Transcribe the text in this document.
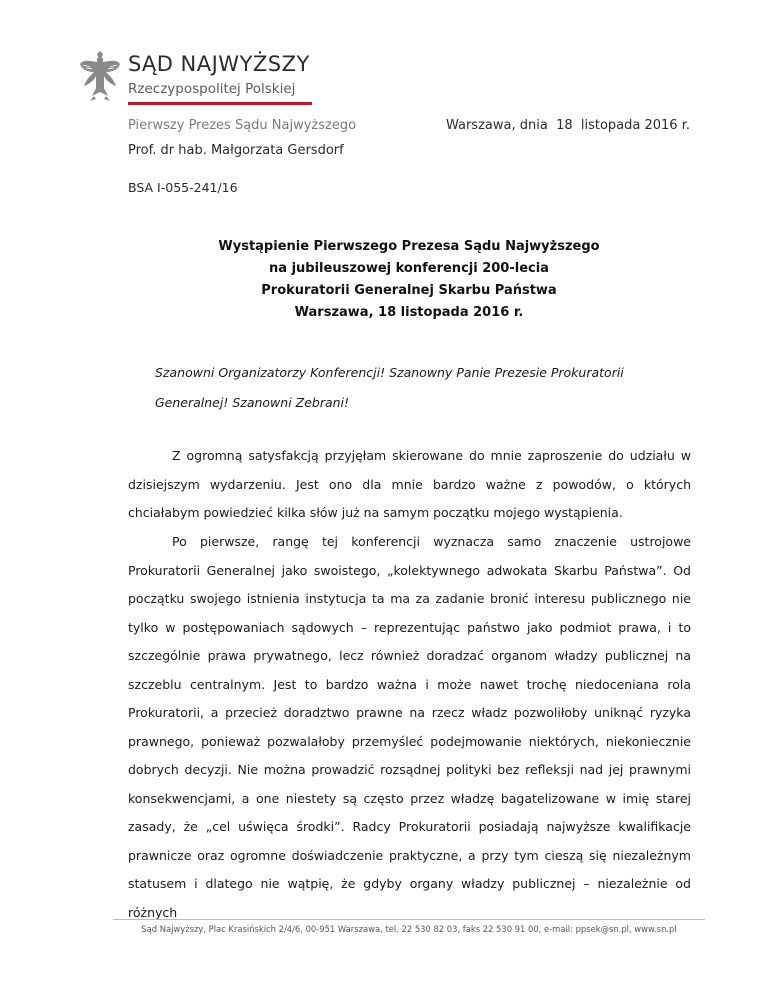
SĄD NAJWYŻSZY
Rzeczypospolitej Polskiej
Pierwszy Prezes Sądu Najwyższego	Warszawa, dnia  18  listopada 2016 r.
Prof. dr hab. Małgorzata Gersdorf
BSA I-055-241/16
Wystąpienie Pierwszego Prezesa Sądu Najwyższego
na jubileuszowej konferencji 200-lecia
Prokuratorii Generalnej Skarbu Państwa
Warszawa, 18 listopada 2016 r.
Szanowni Organizatorzy Konferencji! Szanowny Panie Prezesie Prokuratorii Generalnej! Szanowni Zebrani!

Z ogromną satysfakcją przyjęłam skierowane do mnie zaproszenie do udziału w dzisiejszym wydarzeniu. Jest ono dla mnie bardzo ważne z powodów, o których chciałabym powiedzieć kilka słów już na samym początku mojego wystąpienia.

Po pierwsze, rangę tej konferencji wyznacza samo znaczenie ustrojowe Prokuratorii Generalnej jako swoistego, „kolektywnego adwokata Skarbu Państwa”. Od początku swojego istnienia instytucja ta ma za zadanie bronić interesu publicznego nie tylko w postępowaniach sądowych – reprezentując państwo jako podmiot prawa, i to szczególnie prawa prywatnego, lecz również doradzać organom władzy publicznej na szczeblu centralnym. Jest to bardzo ważna i może nawet trochę niedoceniana rola Prokuratorii, a przecież doradztwo prawne na rzecz władz pozwoliłoby uniknąć ryzyka prawnego, ponieważ pozwalałoby przemyśleć podejmowanie niektórych, niekoniecznie dobrych decyzji. Nie można prowadzić rozsądnej polityki bez refleksji nad jej prawnymi konsekwencjami, a one niestety są często przez władzę bagatelizowane w imię starej zasady, że „cel uświęca środki”. Radcy Prokuratorii posiadają najwyższe kwalifikacje prawnicze oraz ogromne doświadczenie praktyczne, a przy tym cieszą się niezależnym statusem i dlatego nie wątpię, że gdyby organy władzy publicznej – niezależnie od różnych

Sąd Najwyższy, Plac Krasińskich 2/4/6, 00-951 Warszawa, tel. 22 530 82 03, faks 22 530 91 00, e-mail: ppsek@sn.pl, www.sn.pl
